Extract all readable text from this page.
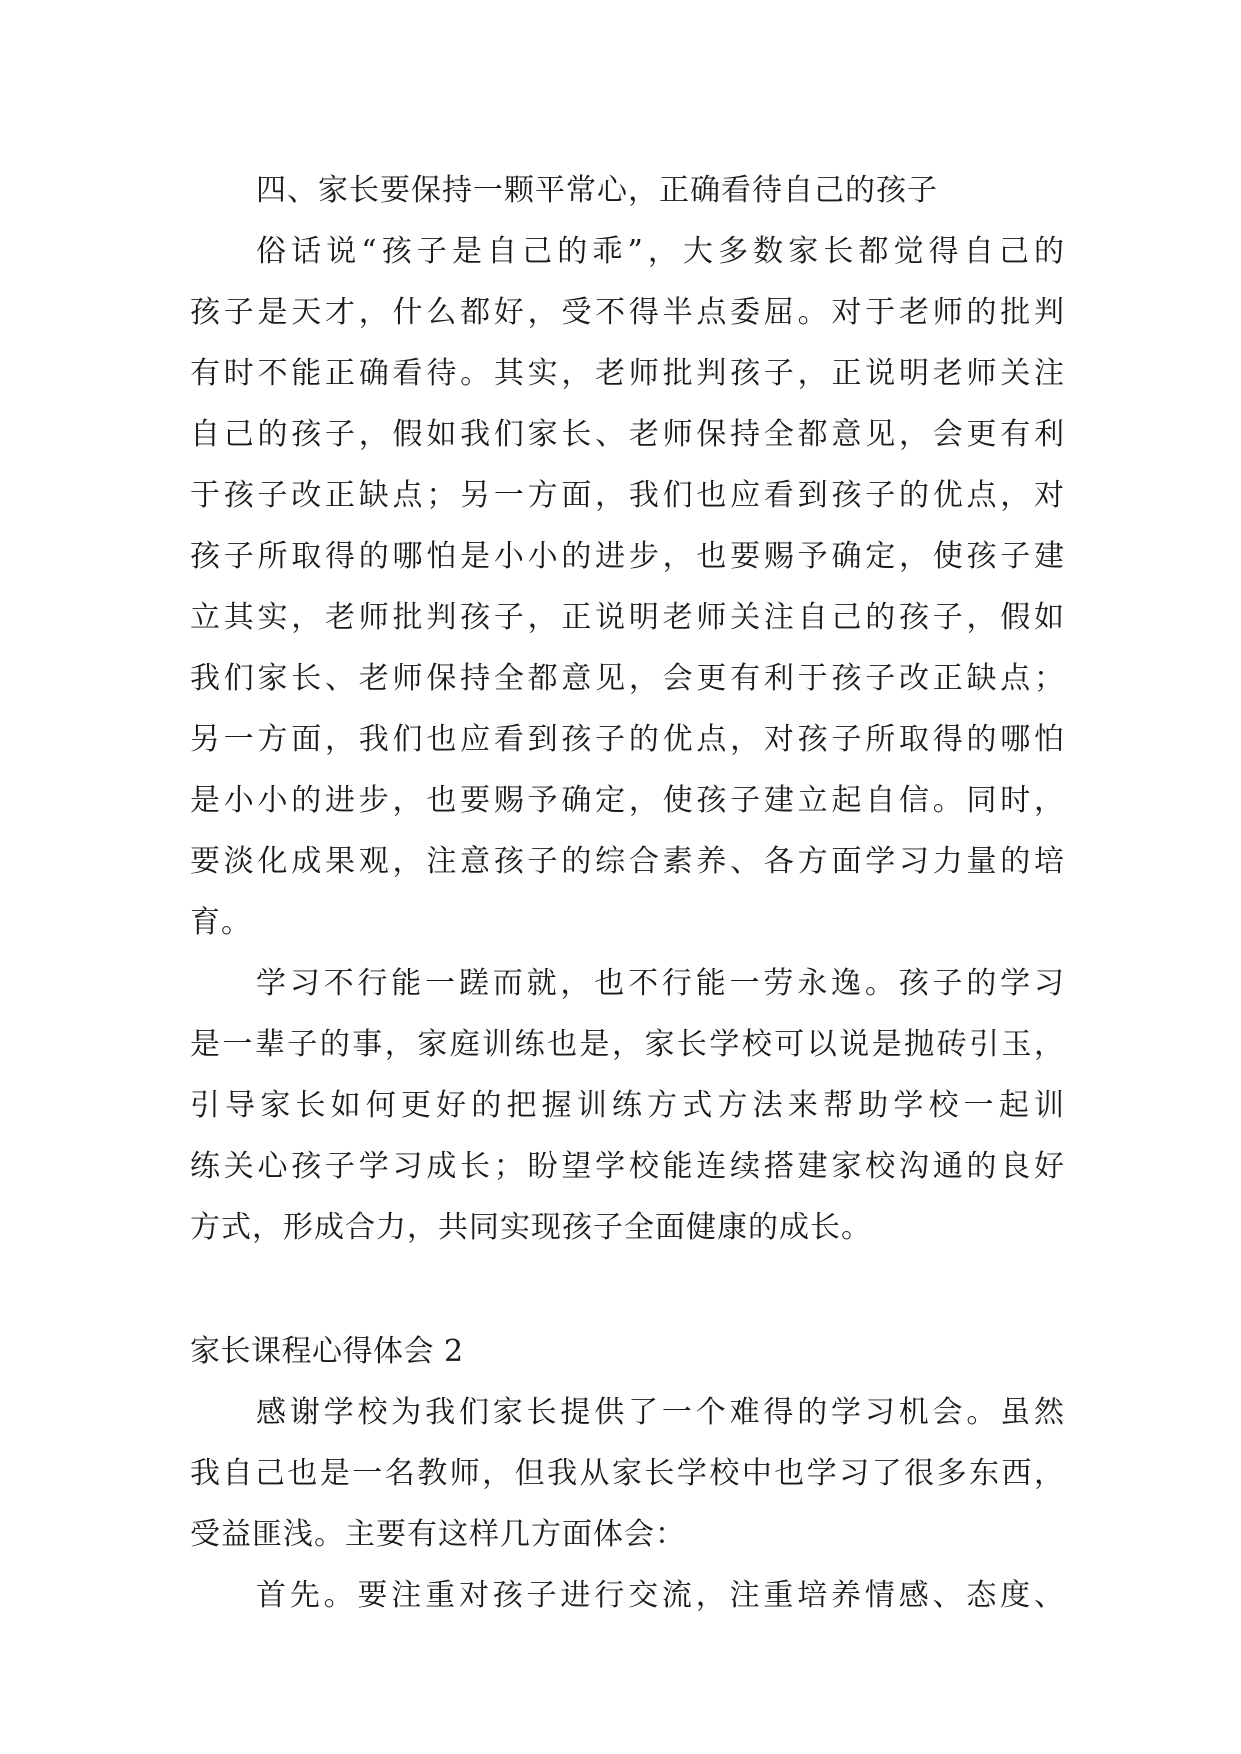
四、家长要保持一颗平常心，正确看待自己的孩子
俗话说“孩子是自己的乖”，大多数家长都觉得自己的
孩子是天才，什么都好，受不得半点委屈。对于老师的批判
有时不能正确看待。其实，老师批判孩子，正说明老师关注
自己的孩子，假如我们家长、老师保持全都意见，会更有利
于孩子改正缺点；另一方面，我们也应看到孩子的优点，对
孩子所取得的哪怕是小小的进步，也要赐予确定，使孩子建
立其实，老师批判孩子，正说明老师关注自己的孩子，假如
我们家长、老师保持全都意见，会更有利于孩子改正缺点；
另一方面，我们也应看到孩子的优点，对孩子所取得的哪怕
是小小的进步，也要赐予确定，使孩子建立起自信。同时，
要淡化成果观，注意孩子的综合素养、各方面学习力量的培
育。
学习不行能一蹉而就，也不行能一劳永逸。孩子的学习
是一辈子的事，家庭训练也是，家长学校可以说是抛砖引玉，
引导家长如何更好的把握训练方式方法来帮助学校一起训
练关心孩子学习成长；盼望学校能连续搭建家校沟通的良好
方式，形成合力，共同实现孩子全面健康的成长。
家长课程心得体会 2
感谢学校为我们家长提供了一个难得的学习机会。虽然
我自己也是一名教师，但我从家长学校中也学习了很多东西，
受益匪浅。主要有这样几方面体会：
首先。要注重对孩子进行交流，注重培养情感、态度、
